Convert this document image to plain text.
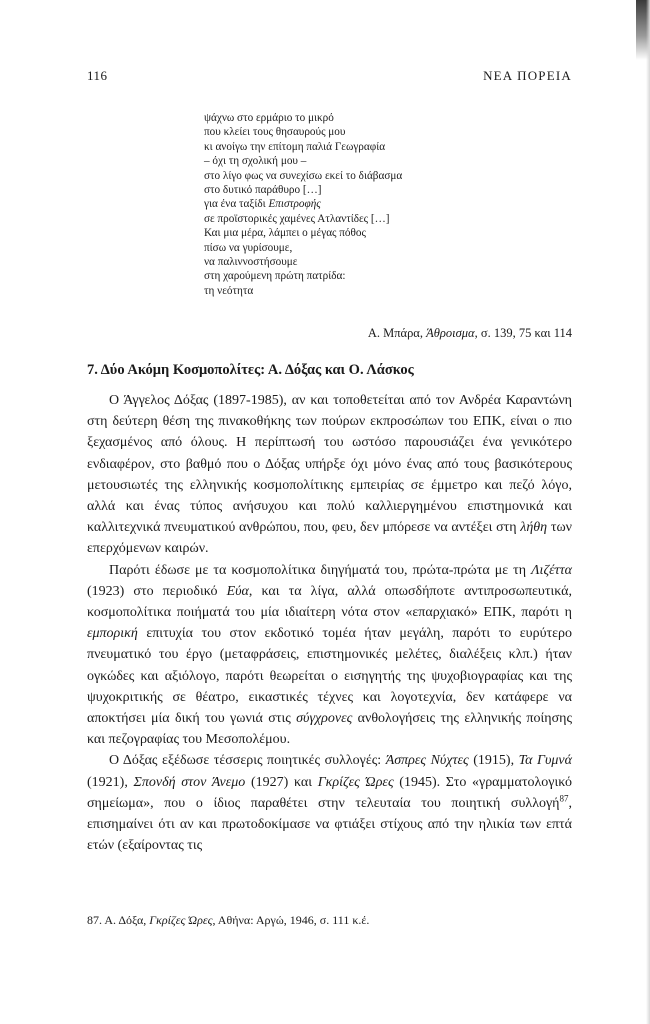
116	ΝΕΑ ΠΟΡΕΙΑ
ψάχνω στο ερμάριο το μικρό
που κλείει τους θησαυρούς μου
κι ανοίγω την επίτομη παλιά Γεωγραφία
– όχι τη σχολική μου –
στο λίγο φως να συνεχίσω εκεί το διάβασμα
στο δυτικό παράθυρο […]
για ένα ταξίδι Επιστροφής
σε προϊστορικές χαμένες Ατλαντίδες […]
Και μια μέρα, λάμπει ο μέγας πόθος
πίσω να γυρίσουμε,
να παλιννοστήσουμε
στη χαρούμενη πρώτη πατρίδα:
τη νεότητα
Α. Μπάρα, Άθροισμα, σ. 139, 75 και 114
7. Δύο Ακόμη Κοσμοπολίτες: Α. Δόξας και Ο. Λάσκος

Ο Άγγελος Δόξας (1897-1985), αν και τοποθετείται από τον Ανδρέα Καραντώνη στη δεύτερη θέση της πινακοθήκης των πούρων εκπροσώπων του ΕΠΚ, είναι ο πιο ξεχασμένος από όλους. Η περίπτωσή του ωστόσο παρουσιάζει ένα γενικότερο ενδιαφέρον, στο βαθμό που ο Δόξας υπήρξε όχι μόνο ένας από τους βασικότερους μετουσιωτές της ελληνικής κοσμοπολίτικης εμπειρίας σε έμμετρο και πεζό λόγο, αλλά και ένας τύπος ανήσυχου και πολύ καλλιεργημένου επιστημονικά και καλλιτεχνικά πνευματικού ανθρώπου, που, φευ, δεν μπόρεσε να αντέξει στη λήθη των επερχόμενων καιρών.

Παρότι έδωσε με τα κοσμοπολίτικα διηγήματά του, πρώτα-πρώτα με τη Λιζέττα (1923) στο περιοδικό Εύα, και τα λίγα, αλλά οπωσδήποτε αντιπροσωπευτικά, κοσμοπολίτικα ποιήματά του μία ιδιαίτερη νότα στον «επαρχιακό» ΕΠΚ, παρότι η εμπορική επιτυχία του στον εκδοτικό τομέα ήταν μεγάλη, παρότι το ευρύτερο πνευματικό του έργο (μεταφράσεις, επιστημονικές μελέτες, διαλέξεις κλπ.) ήταν ογκώδες και αξιόλογο, παρότι θεωρείται ο εισηγητής της ψυχοβιογραφίας και της ψυχοκριτικής σε θέατρο, εικαστικές τέχνες και λογοτεχνία, δεν κατάφερε να αποκτήσει μία δική του γωνιά στις σύγχρονες ανθολογήσεις της ελληνικής ποίησης και πεζογραφίας του Μεσοπολέμου.

Ο Δόξας εξέδωσε τέσσερις ποιητικές συλλογές: Άσπρες Νύχτες (1915), Τα Γυμνά (1921), Σπονδή στον Άνεμο (1927) και Γκρίζες Ώρες (1945). Στο «γραμματολογικό σημείωμα», που ο ίδιος παραθέτει στην τελευταία του ποιητική συλλογή$^{87}$, επισημαίνει ότι αν και πρωτοδοκίμασε να φτιάξει στίχους από την ηλικία των επτά ετών (εξαίροντας τις

87. Α. Δόξα, Γκρίζες Ώρες, Αθήνα: Αργώ, 1946, σ. 111 κ.έ.
